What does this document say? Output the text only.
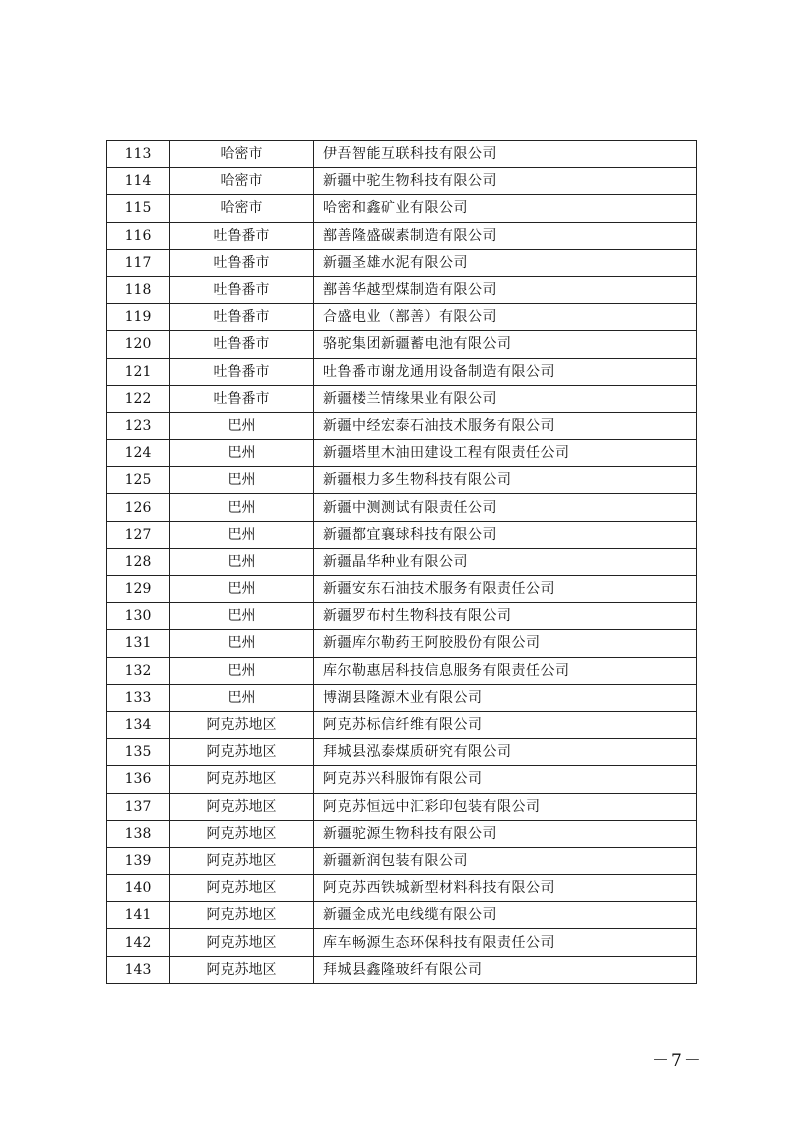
113	哈密市	伊吾智能互联科技有限公司
114	哈密市	新疆中驼生物科技有限公司
115	哈密市	哈密和鑫矿业有限公司
116	吐鲁番市	鄯善隆盛碳素制造有限公司
117	吐鲁番市	新疆圣雄水泥有限公司
118	吐鲁番市	鄯善华越型煤制造有限公司
119	吐鲁番市	合盛电业（鄯善）有限公司
120	吐鲁番市	骆驼集团新疆蓄电池有限公司
121	吐鲁番市	吐鲁番市谢龙通用设备制造有限公司
122	吐鲁番市	新疆楼兰情缘果业有限公司
123	巴州	新疆中经宏泰石油技术服务有限公司
124	巴州	新疆塔里木油田建设工程有限责任公司
125	巴州	新疆根力多生物科技有限公司
126	巴州	新疆中测测试有限责任公司
127	巴州	新疆都宜襄球科技有限公司
128	巴州	新疆晶华种业有限公司
129	巴州	新疆安东石油技术服务有限责任公司
130	巴州	新疆罗布村生物科技有限公司
131	巴州	新疆库尔勒药王阿胶股份有限公司
132	巴州	库尔勒惠居科技信息服务有限责任公司
133	巴州	博湖县隆源木业有限公司
134	阿克苏地区	阿克苏标信纤维有限公司
135	阿克苏地区	拜城县泓泰煤质研究有限公司
136	阿克苏地区	阿克苏兴科服饰有限公司
137	阿克苏地区	阿克苏恒远中汇彩印包装有限公司
138	阿克苏地区	新疆驼源生物科技有限公司
139	阿克苏地区	新疆新润包装有限公司
140	阿克苏地区	阿克苏西铁城新型材料科技有限公司
141	阿克苏地区	新疆金成光电线缆有限公司
142	阿克苏地区	库车畅源生态环保科技有限责任公司
143	阿克苏地区	拜城县鑫隆玻纤有限公司
－7－
